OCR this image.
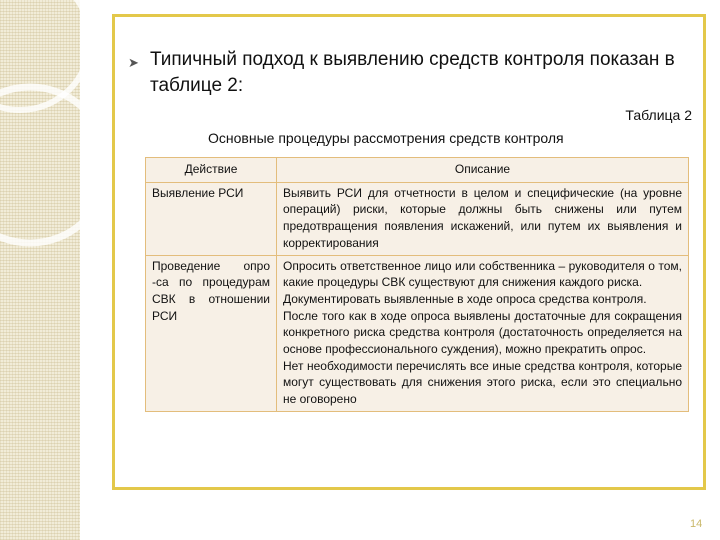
➤ Типичный подход к выявлению средств контроля показан в таблице 2:
Таблица 2
Основные процедуры рассмотрения средств контроля
Действие	Описание
Выявление РСИ	Выявить РСИ для отчетности в целом и специфические (на уровне операций) риски, которые должны быть снижены или путем предотвращения появления искажений, или путем их выявления и корректирования

Проведение опро -са по процедурам СВК в отношении РСИ	Опросить ответственное лицо или собственника – руководителя о том, какие процедуры СВК существуют для снижения каждого риска.
Документировать выявленные в ходе опроса средства контроля.
После того как в ходе опроса выявлены достаточные для сокращения конкретного риска средства контроля (достаточность определяется на основе профессионального суждения), можно прекратить опрос.
Нет необходимости перечислять все иные средства контроля, которые могут существовать для снижения этого риска, если это специально не оговорено
14
